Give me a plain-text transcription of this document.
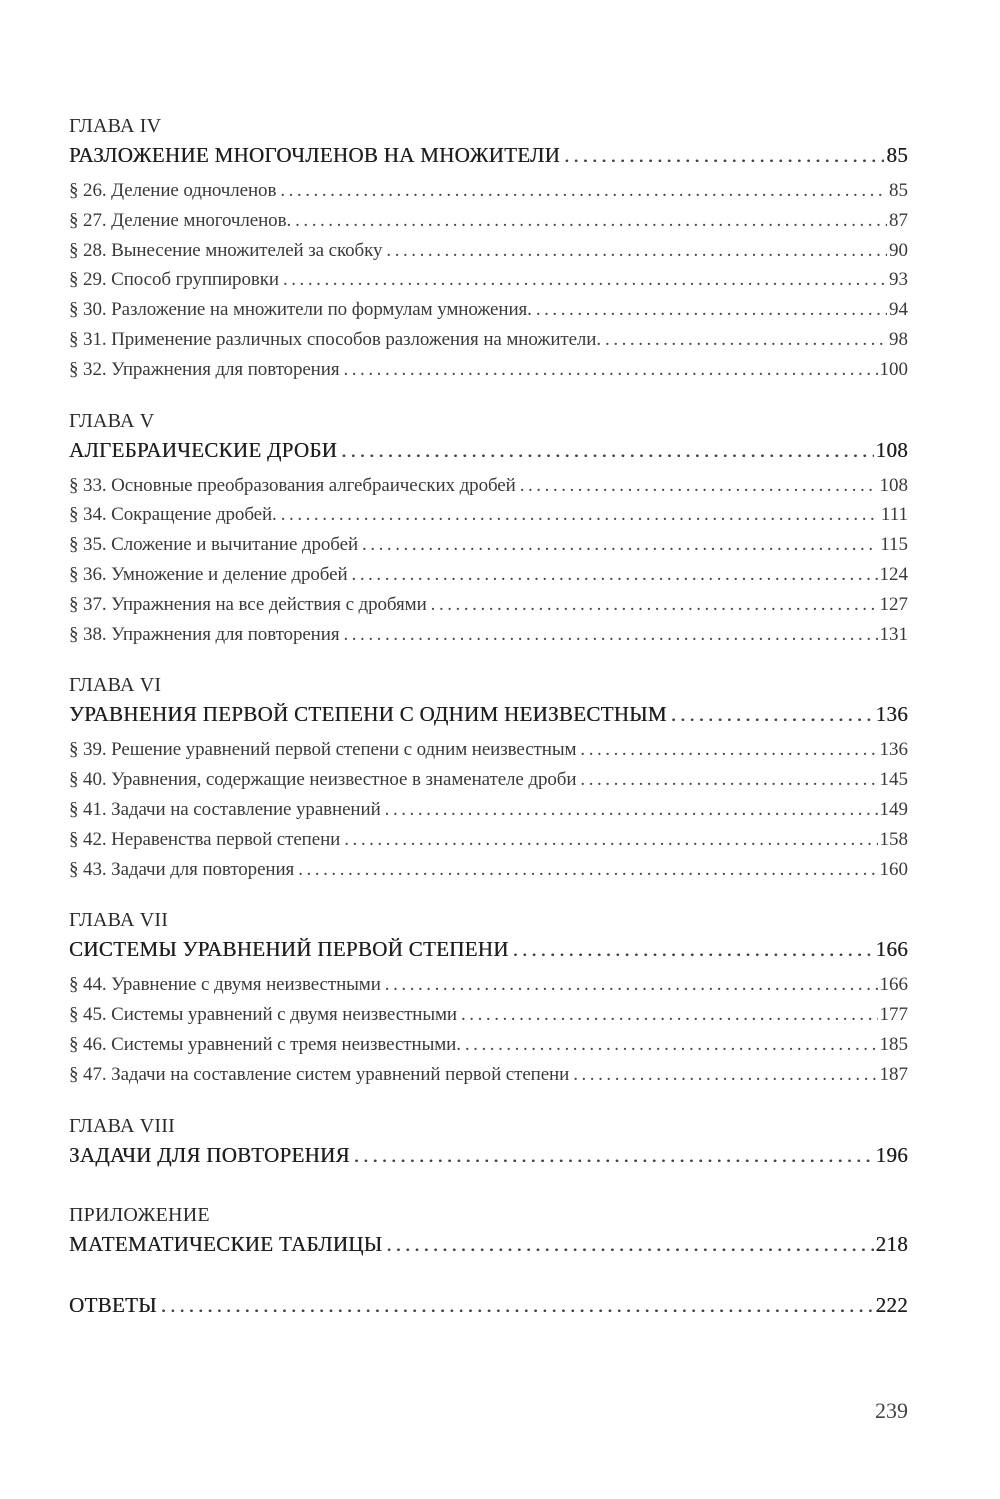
ГЛАВА IV
РАЗЛОЖЕНИЕ МНОГОЧЛЕНОВ НА МНОЖИТЕЛИ . . .	85
§ 26. Деление одночленов . . .	85
§ 27. Деление многочленов. . . .	87
§ 28. Вынесение множителей за скобку . . .	90
§ 29. Способ группировки . . .	93
§ 30. Разложение на множители по формулам умножения. . . .	94
§ 31. Применение различных способов разложения на множители. . . .	98
§ 32. Упражнения для повторения . . .	100
ГЛАВА V
АЛГЕБРАИЧЕСКИЕ ДРОБИ . . .	108
§ 33. Основные преобразования алгебраических дробей . . .	108
§ 34. Сокращение дробей. . . .	111
§ 35. Сложение и вычитание дробей . . .	115
§ 36. Умножение и деление дробей . . .	124
§ 37. Упражнения на все действия с дробями . . .	127
§ 38. Упражнения для повторения . . .	131
ГЛАВА VI
УРАВНЕНИЯ ПЕРВОЙ СТЕПЕНИ С ОДНИМ НЕИЗВЕСТНЫМ . . .	136
§ 39. Решение уравнений первой степени с одним неизвестным . . .	136
§ 40. Уравнения, содержащие неизвестное в знаменателе дроби . . .	145
§ 41. Задачи на составление уравнений . . .	149
§ 42. Неравенства первой степени . . .	158
§ 43. Задачи для повторения . . .	160
ГЛАВА VII
СИСТЕМЫ УРАВНЕНИЙ ПЕРВОЙ СТЕПЕНИ . . .	166
§ 44. Уравнение с двумя неизвестными . . .	166
§ 45. Системы уравнений с двумя неизвестными . . .	177
§ 46. Системы уравнений с тремя неизвестными. . . .	185
§ 47. Задачи на составление систем уравнений первой степени . . .	187
ГЛАВА VIII
ЗАДАЧИ ДЛЯ ПОВТОРЕНИЯ . . .	196
ПРИЛОЖЕНИЕ
МАТЕМАТИЧЕСКИЕ ТАБЛИЦЫ . . .	218
ОТВЕТЫ . . .	222
239
